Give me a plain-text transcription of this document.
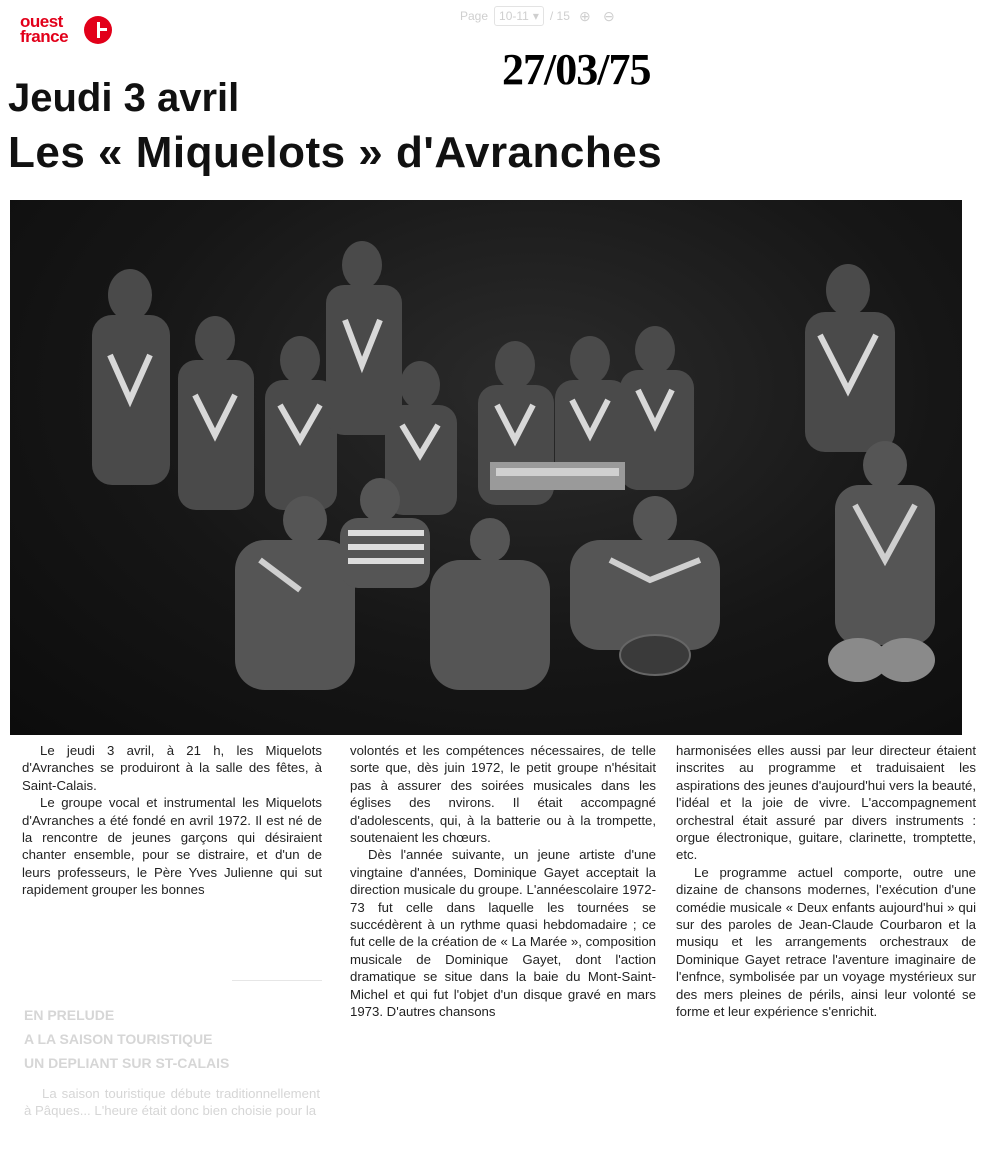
ouest
france
Page 10-11 ▾ / 15 ⊕ ⊖
27/03/75
Jeudi 3 avril
Les « Miquelots » d'Avranches

Le jeudi 3 avril, à 21 h, les Miquelots d'Avranches se produiront à la salle des fêtes, à Saint-Calais.

Le groupe vocal et instrumental les Miquelots d'Avranches a été fondé en avril 1972. Il est né de la rencontre de jeunes garçons qui désiraient chanter ensemble, pour se distraire, et d'un de leurs professeurs, le Père Yves Julienne qui sut rapidement grouper les bonnes

volontés et les compétences nécessaires, de telle sorte que, dès juin 1972, le petit groupe n'hésitait pas à assurer des soirées musicales dans les églises des nvirons. Il était accompagné d'adolescents, qui, à la batterie ou à la trompette, soutenaient les chœurs.

Dès l'année suivante, un jeune artiste d'une vingtaine d'années, Dominique Gayet acceptait la direction musicale du groupe. L'annéescolaire 1972-73 fut celle dans laquelle les tournées se succédèrent à un rythme quasi hebdomadaire ; ce fut celle de la création de « La Marée », composition musicale de Dominique Gayet, dont l'action dramatique se situe dans la baie du Mont-Saint-Michel et qui fut l'objet d'un disque gravé en mars 1973. D'autres chansons

harmonisées elles aussi par leur directeur étaient inscrites au programme et traduisaient les aspirations des jeunes d'aujourd'hui vers la beauté, l'idéal et la joie de vivre. L'accompagnement orchestral était assuré par divers instruments : orgue électronique, guitare, clarinette, tromptette, etc.

Le programme actuel comporte, outre une dizaine de chansons modernes, l'exécution d'une comédie musicale « Deux enfants aujourd'hui » qui sur des paroles de Jean-Claude Courbaron et la musiqu et les arrangements orchestraux de Dominique Gayet retrace l'aventure imaginaire de l'enfnce, symbolisée par un voyage mystérieux sur des mers pleines de périls, ainsi leur volonté se forme et leur expérience s'enrichit.

EN PRELUDE
A LA SAISON TOURISTIQUE
UN DEPLIANT SUR ST-CALAIS

La saison touristique débute traditionnellement à Pâques... L'heure était donc bien choisie pour la
